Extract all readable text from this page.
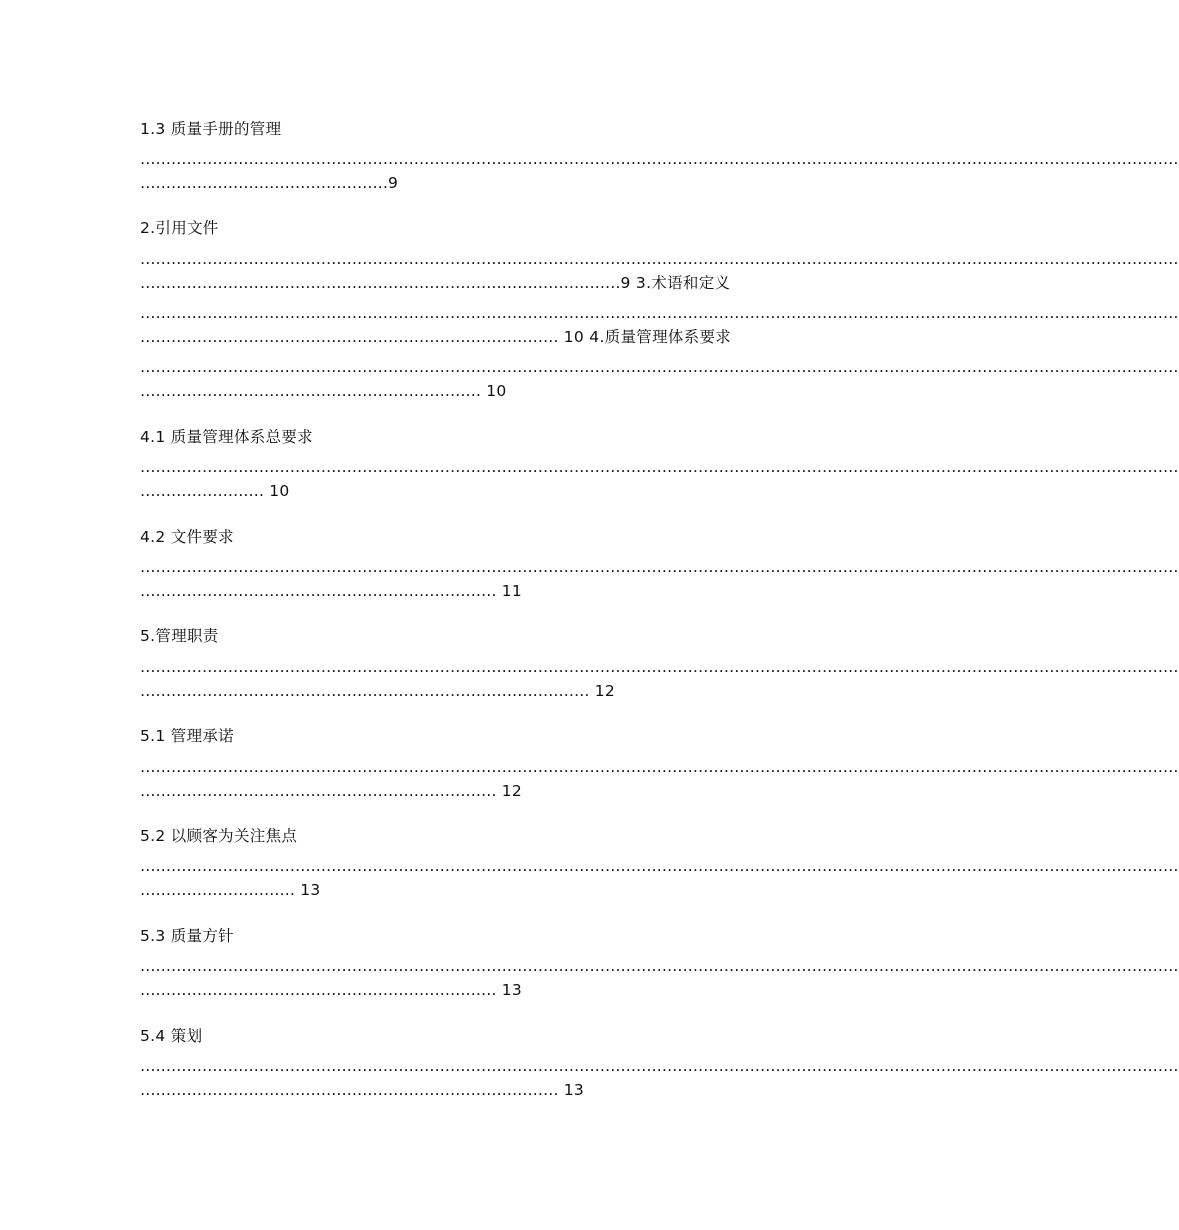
1.3 质量手册的管理

…………………………………………………………………………………………………………………………………………………………………………………

…………………………………………9

2.引用文件

…………………………………………………………………………………………………………………………………………………………………………………

…………………………………………………………………………………9 3.术语和定义

…………………………………………………………………………………………………………………………………………………………………………………

……………………………………………………………………… 10 4.质量管理体系要求

…………………………………………………………………………………………………………………………………………………………………………………

………………………………………………………… 10

4.1 质量管理体系总要求

…………………………………………………………………………………………………………………………………………………………………………………

…………………… 10

4.2 文件要求

…………………………………………………………………………………………………………………………………………………………………………………

…………………………………………………………… 11

5.管理职责

…………………………………………………………………………………………………………………………………………………………………………………

…………………………………………………………………………… 12

5.1 管理承诺

…………………………………………………………………………………………………………………………………………………………………………………

…………………………………………………………… 12

5.2 以顾客为关注焦点

…………………………………………………………………………………………………………………………………………………………………………………

………………………… 13

5.3 质量方针

…………………………………………………………………………………………………………………………………………………………………………………

…………………………………………………………… 13

5.4 策划

…………………………………………………………………………………………………………………………………………………………………………………

……………………………………………………………………… 13
